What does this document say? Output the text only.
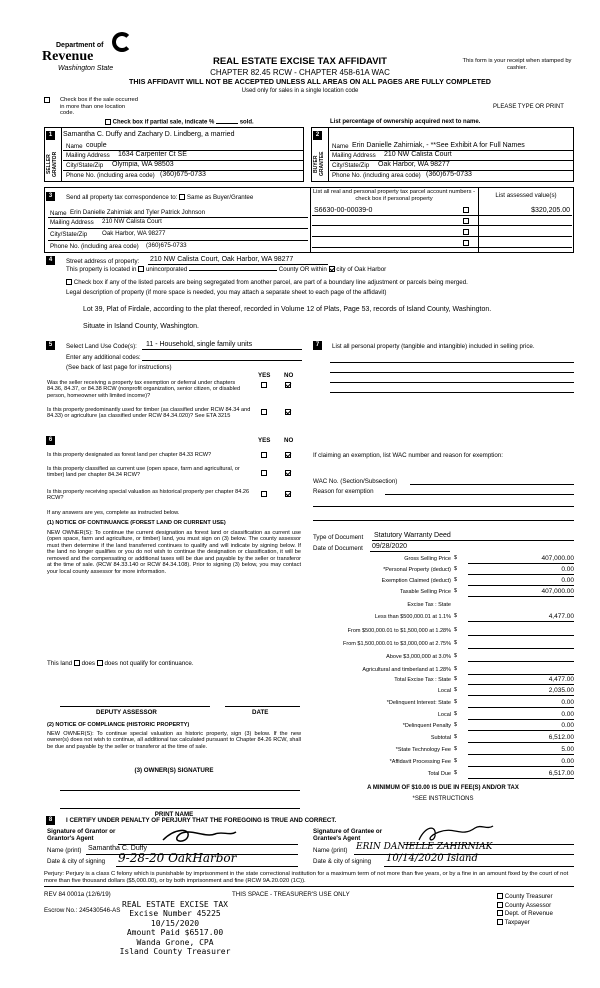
Department of
Revenue
Washington State
REAL ESTATE EXCISE TAX AFFIDAVIT
CHAPTER 82.45 RCW - CHAPTER 458-61A WAC
THIS AFFIDAVIT WILL NOT BE ACCEPTED UNLESS ALL AREAS ON ALL PAGES ARE FULLY COMPLETED
Used only for sales in a single location code
This form is your receipt when stamped by cashier.
Check box if the sale occurred in more than one location code.
PLEASE TYPE OR PRINT
Check box if partial sale, indicate %	sold.	List percentage of ownership acquired next to name.
1
SELLER GRANTOR
Samantha C. Duffy and Zachary D. Lindberg, a married
Name couple
Mailing Address 1634 Carpenter Ct SE
City/State/Zip Olympia, WA 98503
Phone No. (including area code) (360)675-0733
2
BUYER GRANTEE
Name Erin Danielle Zahirniak, - **See Exhibit A for Full Names
Mailing Address 210 NW Calista Court
City/State/Zip Oak Harbor, WA 98277
Phone No. (including area code) (360)675-0733
3	Send all property tax correspondence to: Same as Buyer/Grantee
List all real and personal property tax parcel account numbers - check box if personal property	List assessed value(s)
Name Erin Danielle Zahirniak and Tyler Patrick Johnson
Mailing Address 210 NW Calista Court
City/State/Zip Oak Harbor, WA 98277
Phone No. (including area code) (360)675-0733
S6630-00-00039-0	$320,205.00
4	Street address of property: 210 NW Calista Court, Oak Harbor, WA 98277
This property is located in unincorporated	County OR within city of Oak Harbor
Check box if any of the listed parcels are being segregated from another parcel, are part of a boundary line adjustment or parcels being merged.
Legal description of property (if more space is needed, you may attach a separate sheet to each page of the affidavit)
Lot 39, Plat of Firdale, according to the plat thereof, recorded in Volume 12 of Plats, Page 53, records of Island County, Washington.
Situate in Island County, Washington.
5	Select Land Use Code(s): 11 - Household, single family units
Enter any additional codes:
(See back of last page for instructions)
YES NO
Was the seller receiving a property tax exemption or deferral under chapters 84.36, 84.37, or 84.38 RCW (nonprofit organization, senior citizen, or disabled person, homeowner with limited income)?
Is this property predominantly used for timber (as classified under RCW 84.34 and 84.33) or agriculture (as classified under RCW 84.34.020)? See ETA 3215
7	List all personal property (tangible and intangible) included in selling price.
6	YES NO
Is this property designated as forest land per chapter 84.33 RCW?
Is this property classified as current use (open space, farm and agricultural, or timber) land per chapter 84.34 RCW?
Is this property receiving special valuation as historical property per chapter 84.26 RCW?
If any answers are yes, complete as instructed below.
(1) NOTICE OF CONTINUANCE (FOREST LAND OR CURRENT USE)
NEW OWNER(S): To continue the current designation as forest land or classification as current use (open space, farm and agriculture, or timber) land, you must sign on (3) below. The county assessor must then determine if the land transferred continues to qualify and will indicate by signing below. If the land no longer qualifies or you do not wish to continue the designation or classification, it will be removed and the compensating or additional taxes will be due and payable by the seller or transferor at the time of sale. (RCW 84.33.140 or RCW 84.34.108). Prior to signing (3) below, you may contact your local county assessor for more information.
This land does does not qualify for continuance.
DEPUTY ASSESSOR	DATE
(2) NOTICE OF COMPLIANCE (HISTORIC PROPERTY)
NEW OWNER(S): To continue special valuation as historic property, sign (3) below. If the new owner(s) does not wish to continue, all additional tax calculated pursuant to Chapter 84.26 RCW, shall be due and payable by the seller or transferor at the time of sale.
(3) OWNER(S) SIGNATURE
PRINT NAME
If claiming an exemption, list WAC number and reason for exemption:
WAC No. (Section/Subsection)
Reason for exemption
Type of Document Statutory Warranty Deed
Date of Document 09/28/2020
Gross Selling Price $	407,000.00
*Personal Property (deduct) $	0.00
Exemption Claimed (deduct) $	0.00
Taxable Selling Price $	407,000.00
Excise Tax : State
Less than $500,000.01 at 1.1% $	4,477.00
From $500,000.01 to $1,500,000 at 1.28% $
From $1,500,000.01 to $3,000,000 at 2.75% $
Above $3,000,000 at 3.0% $
Agricultural and timberland at 1.28% $
Total Excise Tax : State $	4,477.00
Local $	2,035.00
*Delinquent Interest: State $	0.00
Local $	0.00
*Delinquent Penalty $	0.00
Subtotal $	6,512.00
*State Technology Fee $	5.00
*Affidavit Processing Fee $	0.00
Total Due $	6,517.00
A MINIMUM OF $10.00 IS DUE IN FEE(S) AND/OR TAX
*SEE INSTRUCTIONS
8	I CERTIFY UNDER PENALTY OF PERJURY THAT THE FOREGOING IS TRUE AND CORRECT.
Signature of Grantor or Grantor's Agent
Name (print) Samantha C. Duffy
Date & city of signing 9-28-20 OakHarbor
Signature of Grantee or Grantee's Agent
Name (print) ERIN DANIELLE ZAHIRNIAK
Date & city of signing 10/14/2020 Island
Perjury: Perjury is a class C felony which is punishable by imprisonment in the state correctional institution for a maximum term of not more than five years, or by a fine in an amount fixed by the court of not more than five thousand dollars ($5,000.00), or by both imprisonment and fine (RCW 9A.20.020 (1C)).
REV 84 0001a (12/6/19)	THIS SPACE - TREASURER'S USE ONLY
Escrow No.: 245430546-AS
REAL ESTATE EXCISE TAX
Excise Number 45225
10/15/2020
Amount Paid $6517.00
Wanda Grone, CPA
Island County Treasurer
County Treasurer
County Assessor
Dept. of Revenue
Taxpayer
